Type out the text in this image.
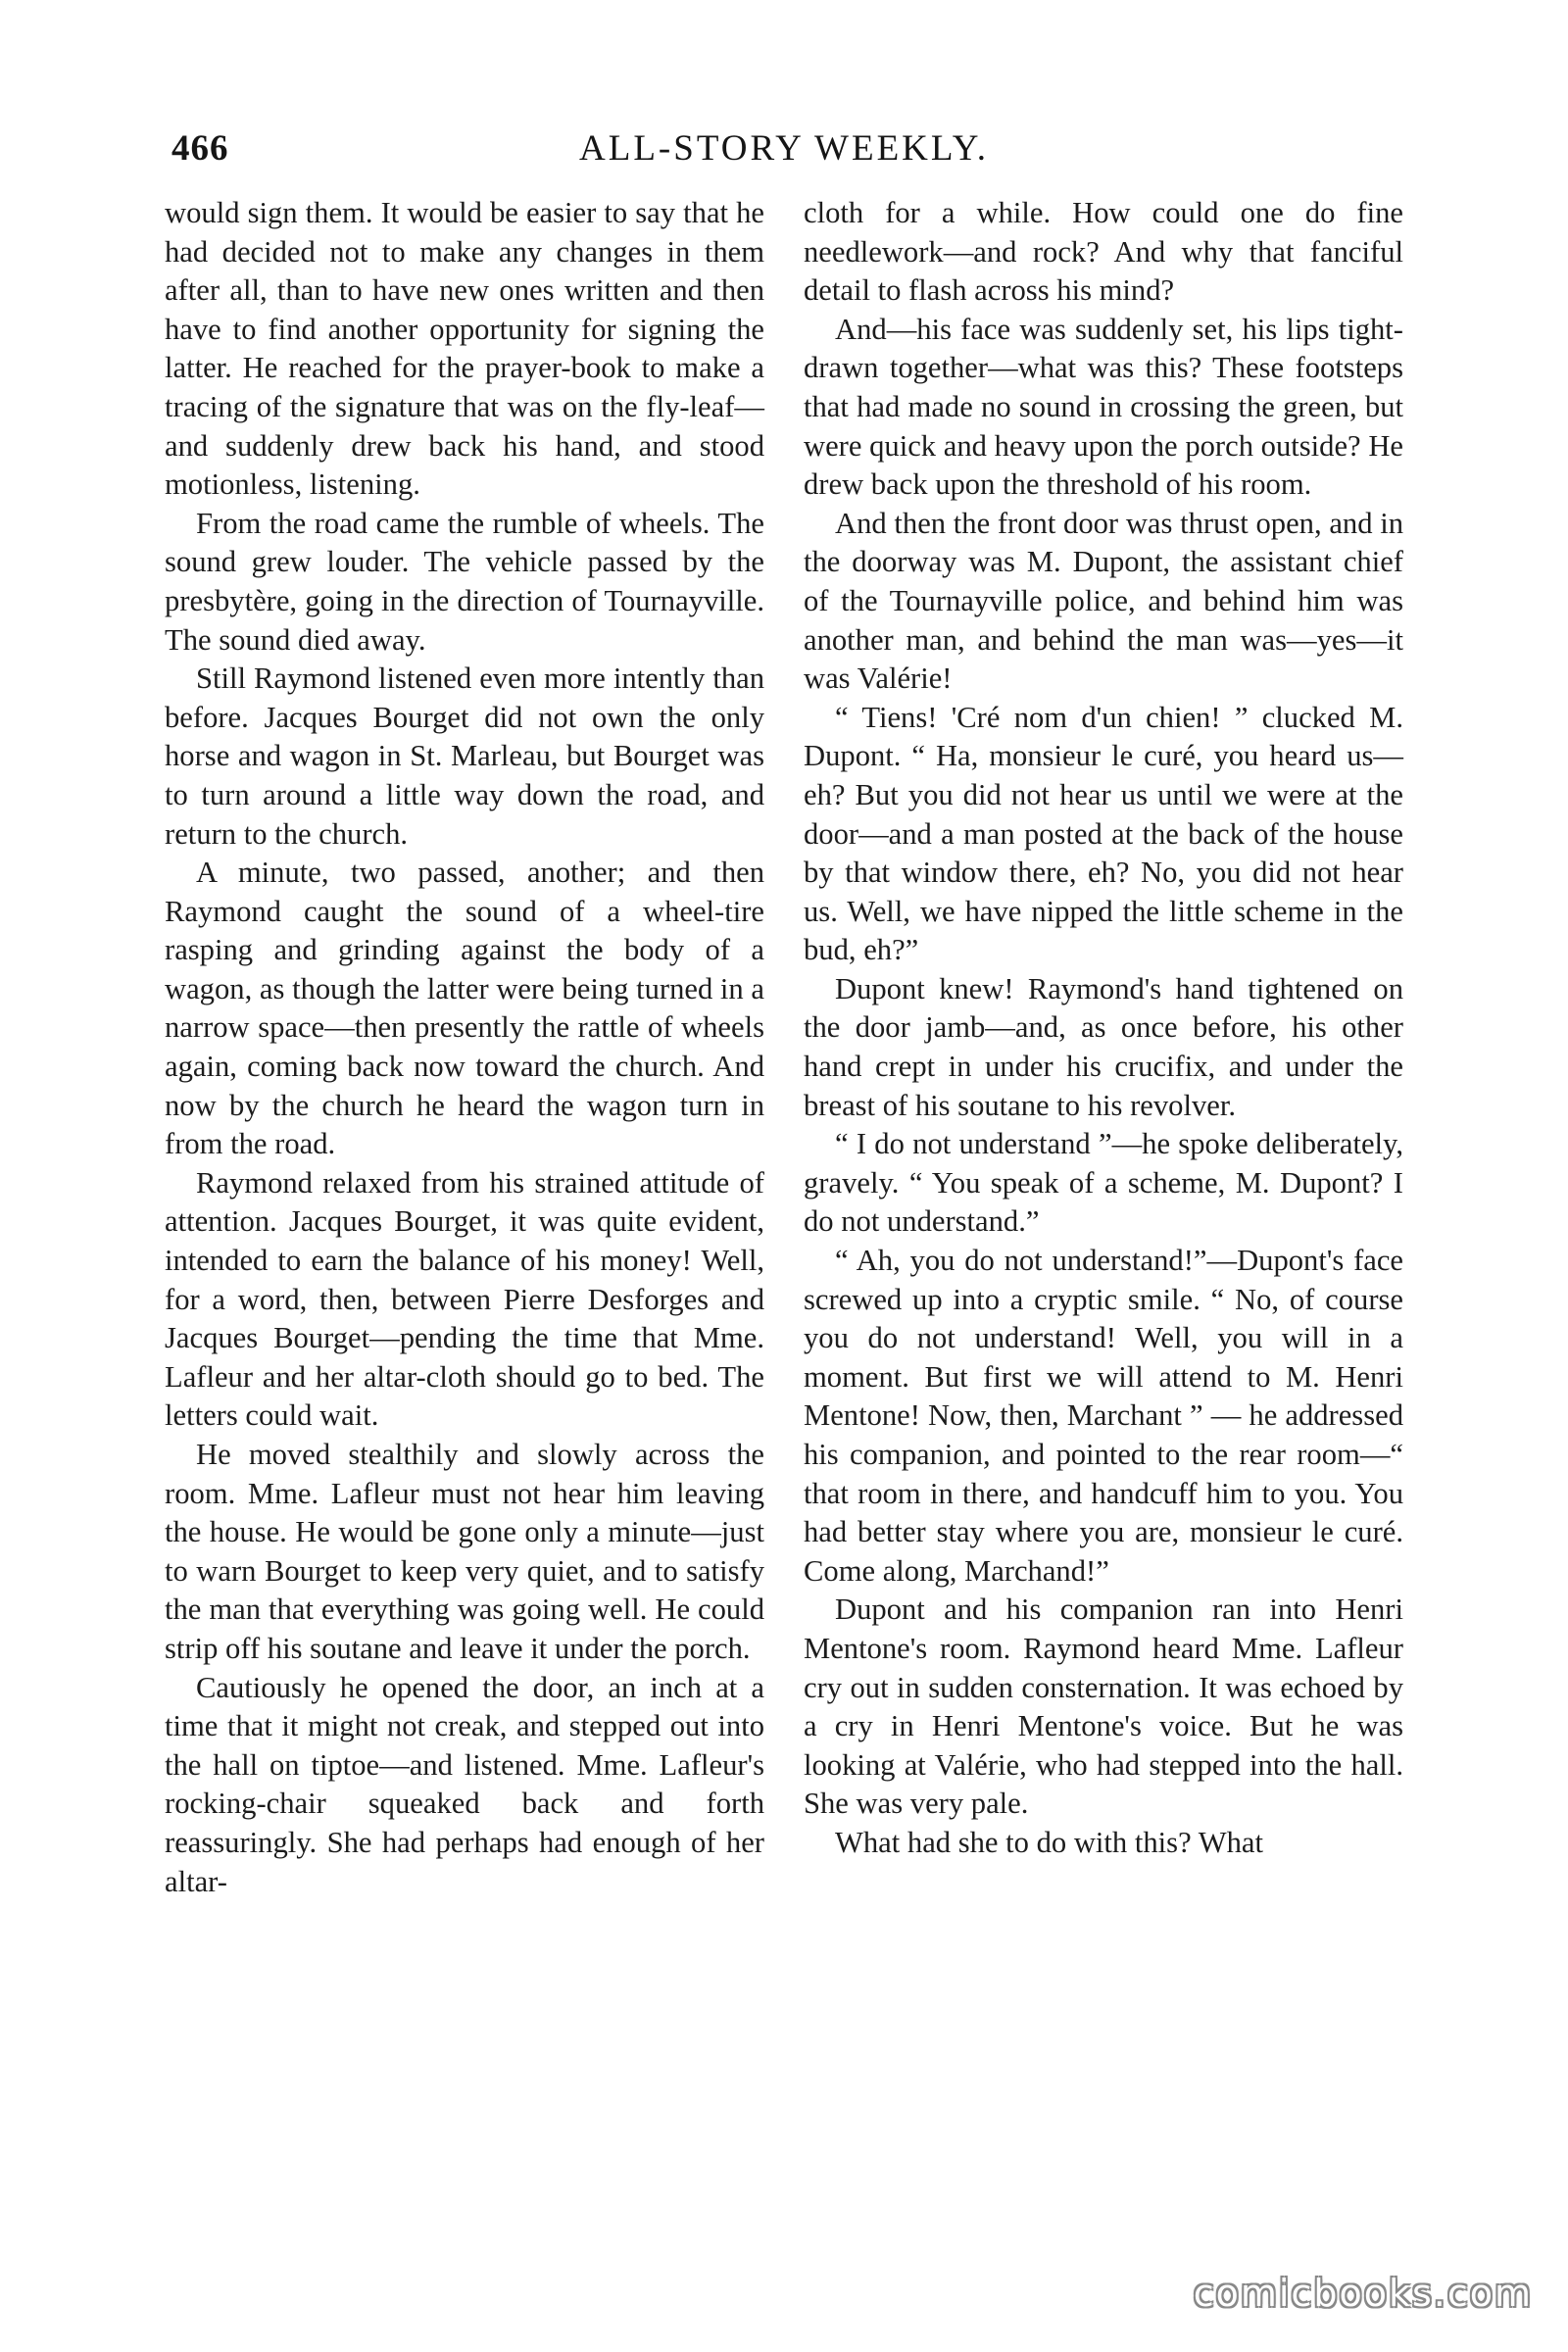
466	ALL-STORY WEEKLY.

would sign them. It would be easier to say that he had decided not to make any changes in them after all, than to have new ones written and then have to find another opportunity for signing the latter. He reached for the prayer-book to make a tracing of the signature that was on the fly-leaf—and suddenly drew back his hand, and stood motionless, listening.

From the road came the rumble of wheels. The sound grew louder. The vehicle passed by the presbytère, going in the direction of Tournayville. The sound died away.

Still Raymond listened even more intently than before. Jacques Bourget did not own the only horse and wagon in St. Marleau, but Bourget was to turn around a little way down the road, and return to the church.

A minute, two passed, another; and then Raymond caught the sound of a wheel-tire rasping and grinding against the body of a wagon, as though the latter were being turned in a narrow space—then presently the rattle of wheels again, coming back now toward the church. And now by the church he heard the wagon turn in from the road.

Raymond relaxed from his strained attitude of attention. Jacques Bourget, it was quite evident, intended to earn the balance of his money! Well, for a word, then, between Pierre Desforges and Jacques Bourget—pending the time that Mme. Lafleur and her altar-cloth should go to bed. The letters could wait.

He moved stealthily and slowly across the room. Mme. Lafleur must not hear him leaving the house. He would be gone only a minute—just to warn Bourget to keep very quiet, and to satisfy the man that everything was going well. He could strip off his soutane and leave it under the porch.

Cautiously he opened the door, an inch at a time that it might not creak, and stepped out into the hall on tiptoe—and listened. Mme. Lafleur's rocking-chair squeaked back and forth reassuringly. She had perhaps had enough of her altar-

cloth for a while. How could one do fine needlework—and rock? And why that fanciful detail to flash across his mind?

And—his face was suddenly set, his lips tight-drawn together—what was this? These footsteps that had made no sound in crossing the green, but were quick and heavy upon the porch outside? He drew back upon the threshold of his room.

And then the front door was thrust open, and in the doorway was M. Dupont, the assistant chief of the Tournayville police, and behind him was another man, and behind the man was—yes—it was Valérie!

“ Tiens! 'Cré nom d'un chien! ” clucked M. Dupont. “ Ha, monsieur le curé, you heard us—eh? But you did not hear us until we were at the door—and a man posted at the back of the house by that window there, eh? No, you did not hear us. Well, we have nipped the little scheme in the bud, eh?”

Dupont knew! Raymond's hand tightened on the door jamb—and, as once before, his other hand crept in under his crucifix, and under the breast of his soutane to his revolver.

“ I do not understand ”—he spoke deliberately, gravely. “ You speak of a scheme, M. Dupont? I do not understand.”

“ Ah, you do not understand!”—Dupont's face screwed up into a cryptic smile. “ No, of course you do not understand! Well, you will in a moment. But first we will attend to M. Henri Mentone! Now, then, Marchant ” — he addressed his companion, and pointed to the rear room—“ that room in there, and handcuff him to you. You had better stay where you are, monsieur le curé. Come along, Marchand!”

Dupont and his companion ran into Henri Mentone's room. Raymond heard Mme. Lafleur cry out in sudden consternation. It was echoed by a cry in Henri Mentone's voice. But he was looking at Valérie, who had stepped into the hall. She was very pale.

What had she to do with this? What

comicbooks.com
